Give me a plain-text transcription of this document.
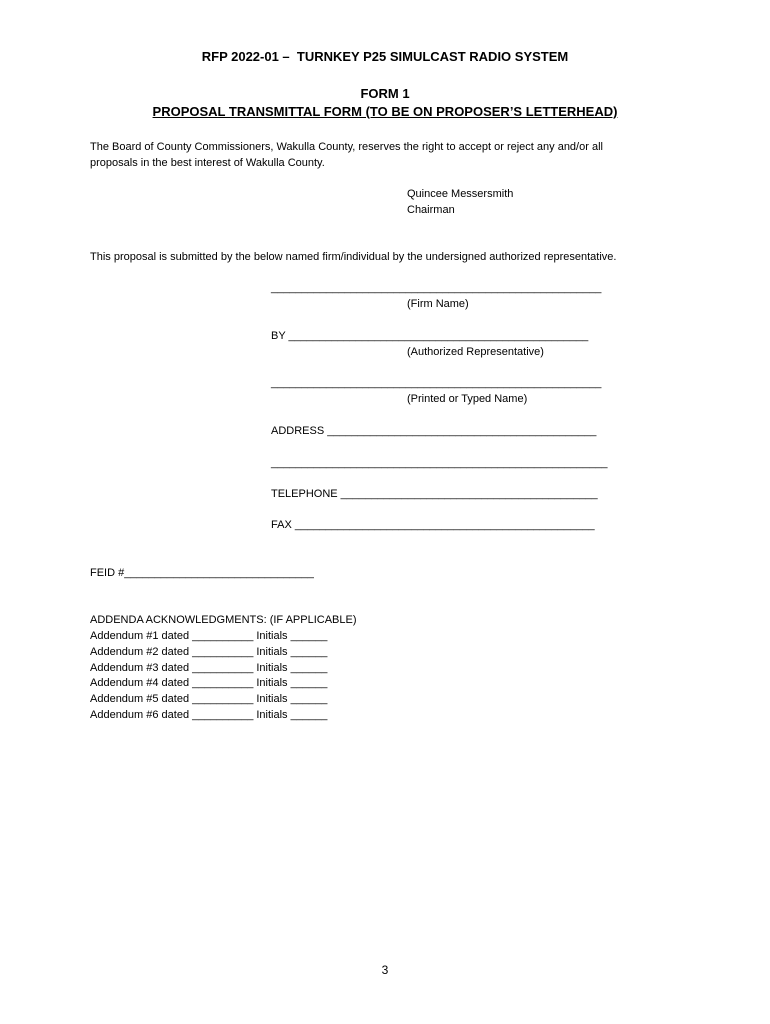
RFP 2022-01 –  TURNKEY P25 SIMULCAST RADIO SYSTEM
FORM 1
PROPOSAL TRANSMITTAL FORM (TO BE ON PROPOSER’S LETTERHEAD)
The Board of County Commissioners, Wakulla County, reserves the right to accept or reject any and/or all
proposals in the best interest of Wakulla County.
Quincee Messersmith
Chairman
This proposal is submitted by the below named firm/individual by the undersigned authorized representative.
______________________________________________________
(Firm Name)
BY _________________________________________________
(Authorized Representative)
______________________________________________________
(Printed or Typed Name)
ADDRESS ____________________________________________
_______________________________________________________
TELEPHONE __________________________________________
FAX _________________________________________________
FEID #_______________________________
ADDENDA ACKNOWLEDGMENTS: (IF APPLICABLE)
Addendum #1 dated __________ Initials ______
Addendum #2 dated __________ Initials ______
Addendum #3 dated __________ Initials ______
Addendum #4 dated __________ Initials ______
Addendum #5 dated __________ Initials ______
Addendum #6 dated __________ Initials ______
3
